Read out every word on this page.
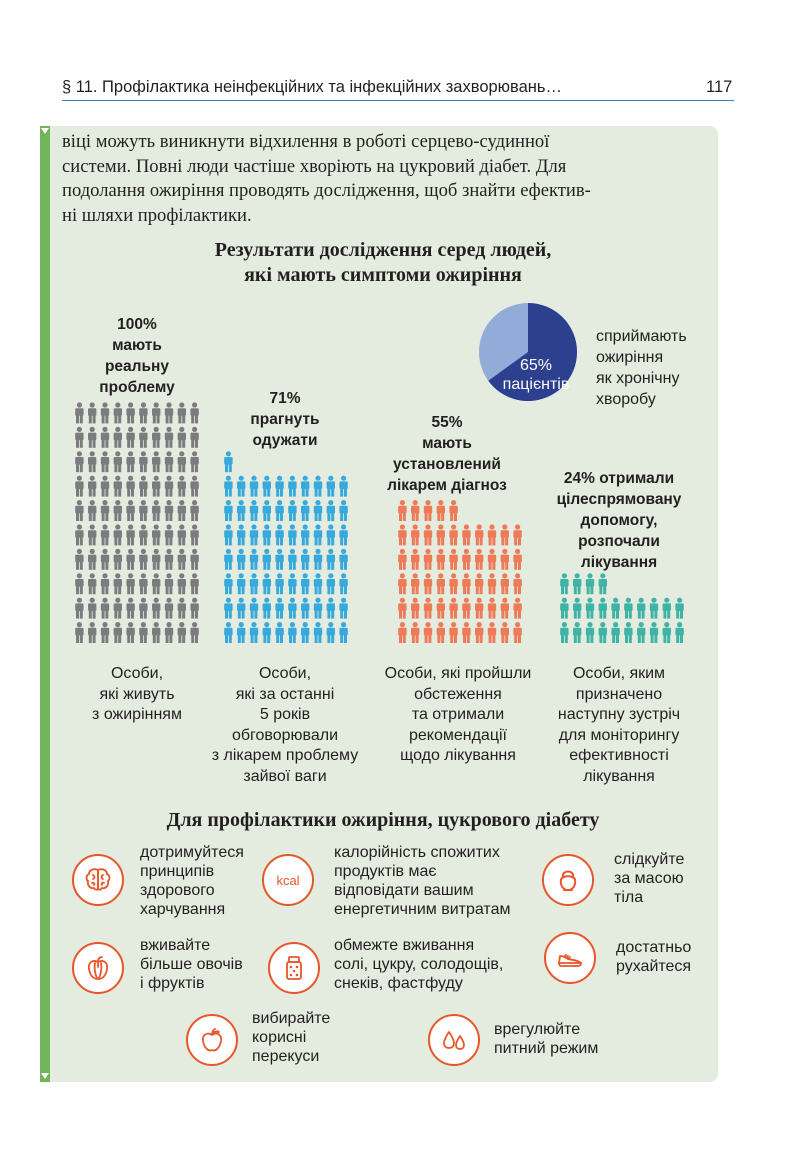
§ 11. Профілактика неінфекційних та інфекційних захворювань…	117
віці можуть виникнути відхилення в роботі серцево-судинної
системи. Повні люди частіше хворіють на цукровий діабет. Для
подолання ожиріння проводять дослідження, щоб знайти ефектив-
ні шляхи профілактики.
Результати дослідження серед людей,
які мають симптоми ожиріння
65%
пацієнтів
сприймають
ожиріння
як хронічну
хворобу
100%
мають
реальну
проблему
Особи,
які живуть
з ожирінням
71%
прагнуть
одужати
Особи,
які за останні
5 років
обговорювали
з лікарем проблему
зайвої ваги
55%
мають
установлений
лікарем діагноз
Особи, які пройшли
обстеження
та отримали
рекомендації
щодо лікування
24% отримали
цілеспрямовану
допомогу,
розпочали
лікування
Особи, яким
призначено
наступну зустріч
для моніторингу
ефективності
лікування
Для профілактики ожиріння, цукрового діабету
дотримуйтеся
принципів
здорового
харчування
kcal
калорійність спожитих
продуктів має
відповідати вашим
енергетичним витратам
слідкуйте
за масою
тіла
вживайте
більше овочів
і фруктів
обмежте вживання
солі, цукру, солодощів,
снеків, фастфуду
достатньо
рухайтеся
вибирайте
корисні
перекуси
врегулюйте
питний режим
